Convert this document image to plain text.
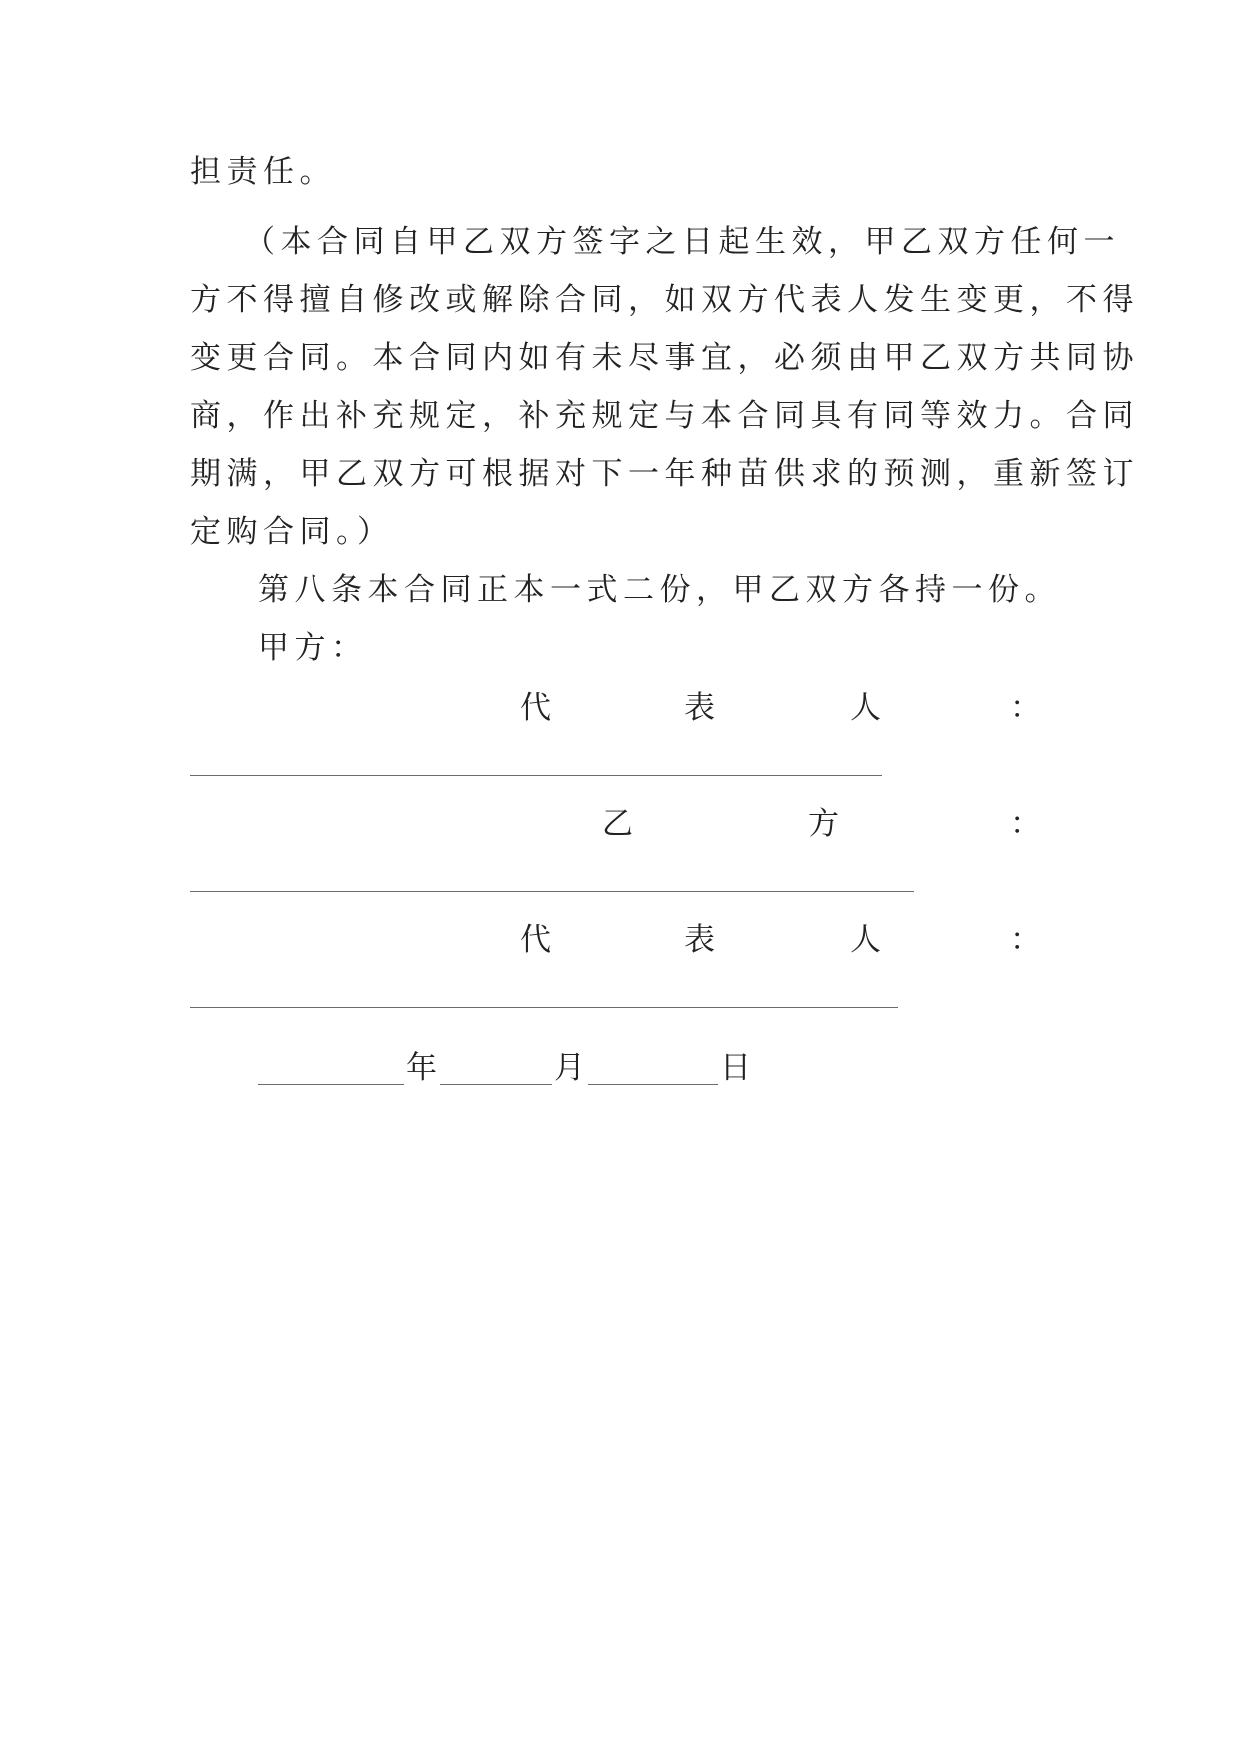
担责任。
（本合同自甲乙双方签字之日起生效，甲乙双方任何一
方不得擅自修改或解除合同，如双方代表人发生变更，不得
变更合同。本合同内如有未尽事宜，必须由甲乙双方共同协
商，作出补充规定，补充规定与本合同具有同等效力。合同
期满，甲乙双方可根据对下一年种苗供求的预测，重新签订
定购合同。）
第八条本合同正本一式二份，甲乙双方各持一份。
甲方：
代	表	人	：
乙	方	：
代	表	人	：
年	月	日
